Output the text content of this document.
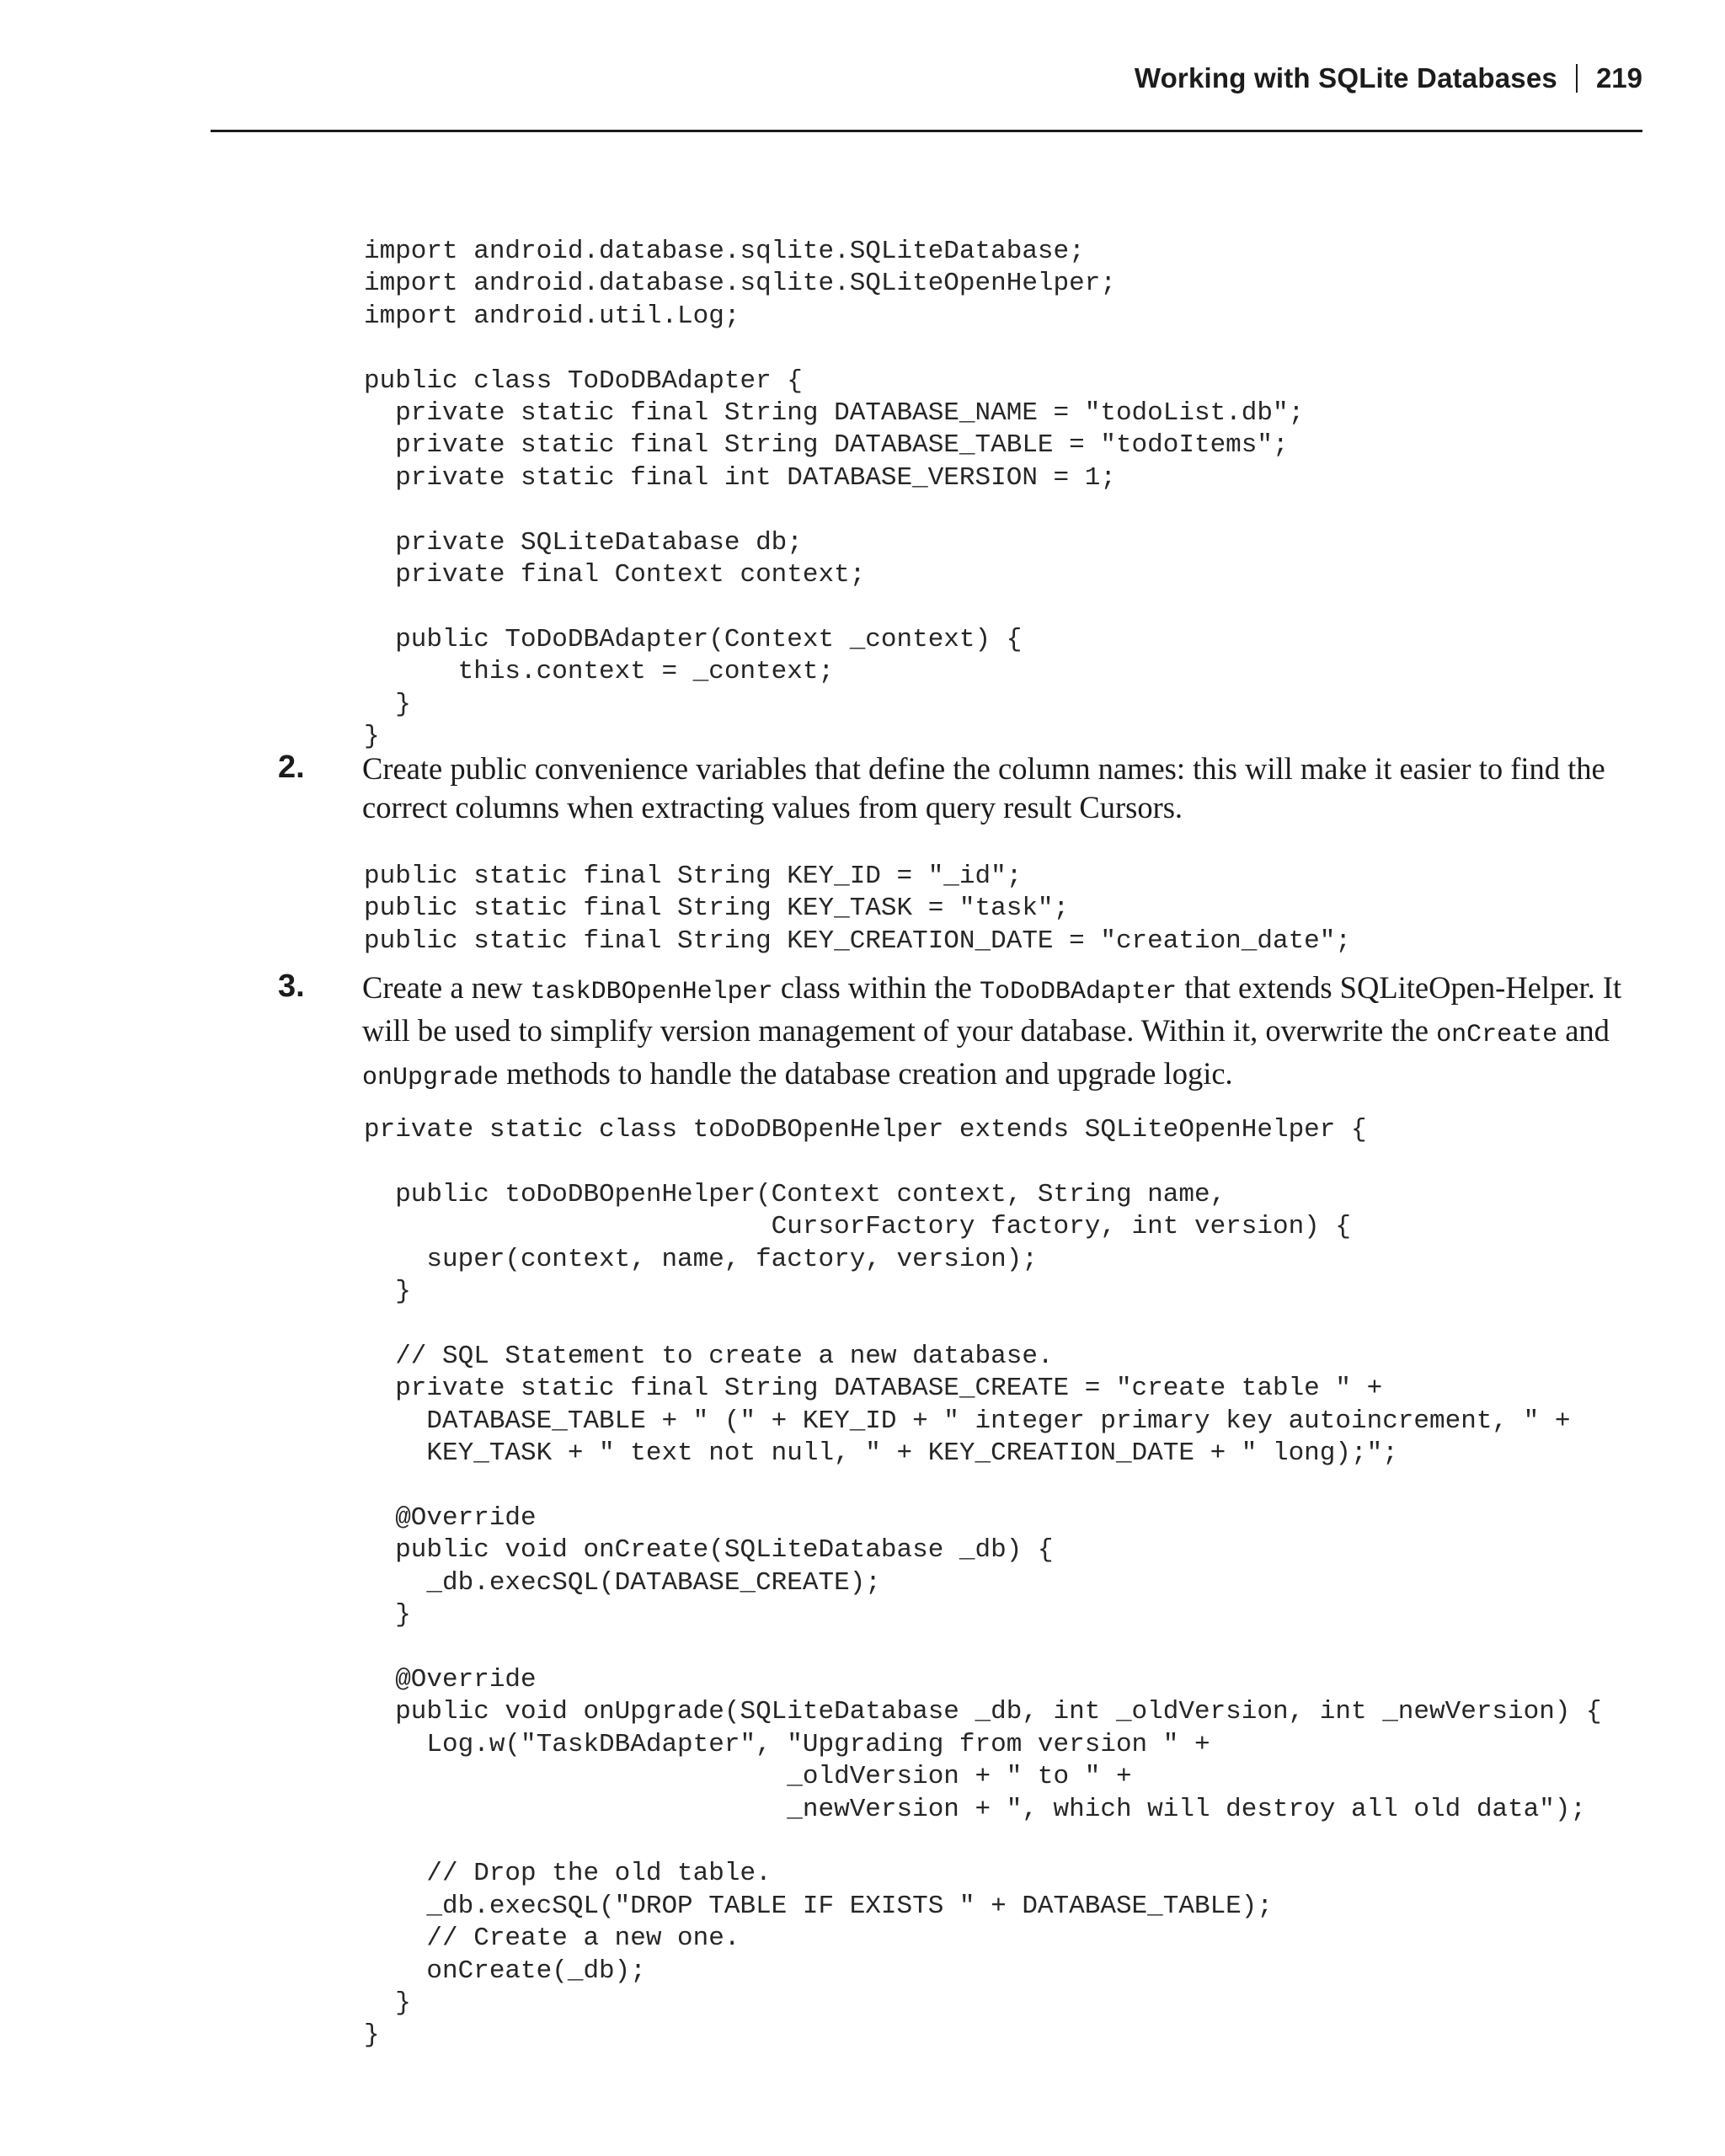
Working with SQLite Databases 219
import android.database.sqlite.SQLiteDatabase;
import android.database.sqlite.SQLiteOpenHelper;
import android.util.Log;

public class ToDoDBAdapter {
private static final String DATABASE_NAME = "todoList.db";
private static final String DATABASE_TABLE = "todoItems";
private static final int DATABASE_VERSION = 1;

private SQLiteDatabase db;
private final Context context;

public ToDoDBAdapter(Context _context) {
this.context = _context;
}
}
2. Create public convenience variables that define the column names: this will make it easier to find the correct columns when extracting values from query result Cursors.
public static final String KEY_ID = "_id";
public static final String KEY_TASK = "task";
public static final String KEY_CREATION_DATE = "creation_date";
3. Create a new taskDBOpenHelper class within the ToDoDBAdapter that extends SQLiteOpen-Helper. It will be used to simplify version management of your database. Within it, overwrite the onCreate and onUpgrade methods to handle the database creation and upgrade logic.
private static class toDoDBOpenHelper extends SQLiteOpenHelper {

public toDoDBOpenHelper(Context context, String name,
CursorFactory factory, int version) {
super(context, name, factory, version);
}

// SQL Statement to create a new database.
private static final String DATABASE_CREATE = "create table " +
DATABASE_TABLE + " (" + KEY_ID + " integer primary key autoincrement, " +
KEY_TASK + " text not null, " + KEY_CREATION_DATE + " long);";

@Override
public void onCreate(SQLiteDatabase _db) {
_db.execSQL(DATABASE_CREATE);
}

@Override
public void onUpgrade(SQLiteDatabase _db, int _oldVersion, int _newVersion) {
Log.w("TaskDBAdapter", "Upgrading from version " +
_oldVersion + " to " +
_newVersion + ", which will destroy all old data");

// Drop the old table.
_db.execSQL("DROP TABLE IF EXISTS " + DATABASE_TABLE);
// Create a new one.
onCreate(_db);
}
}
